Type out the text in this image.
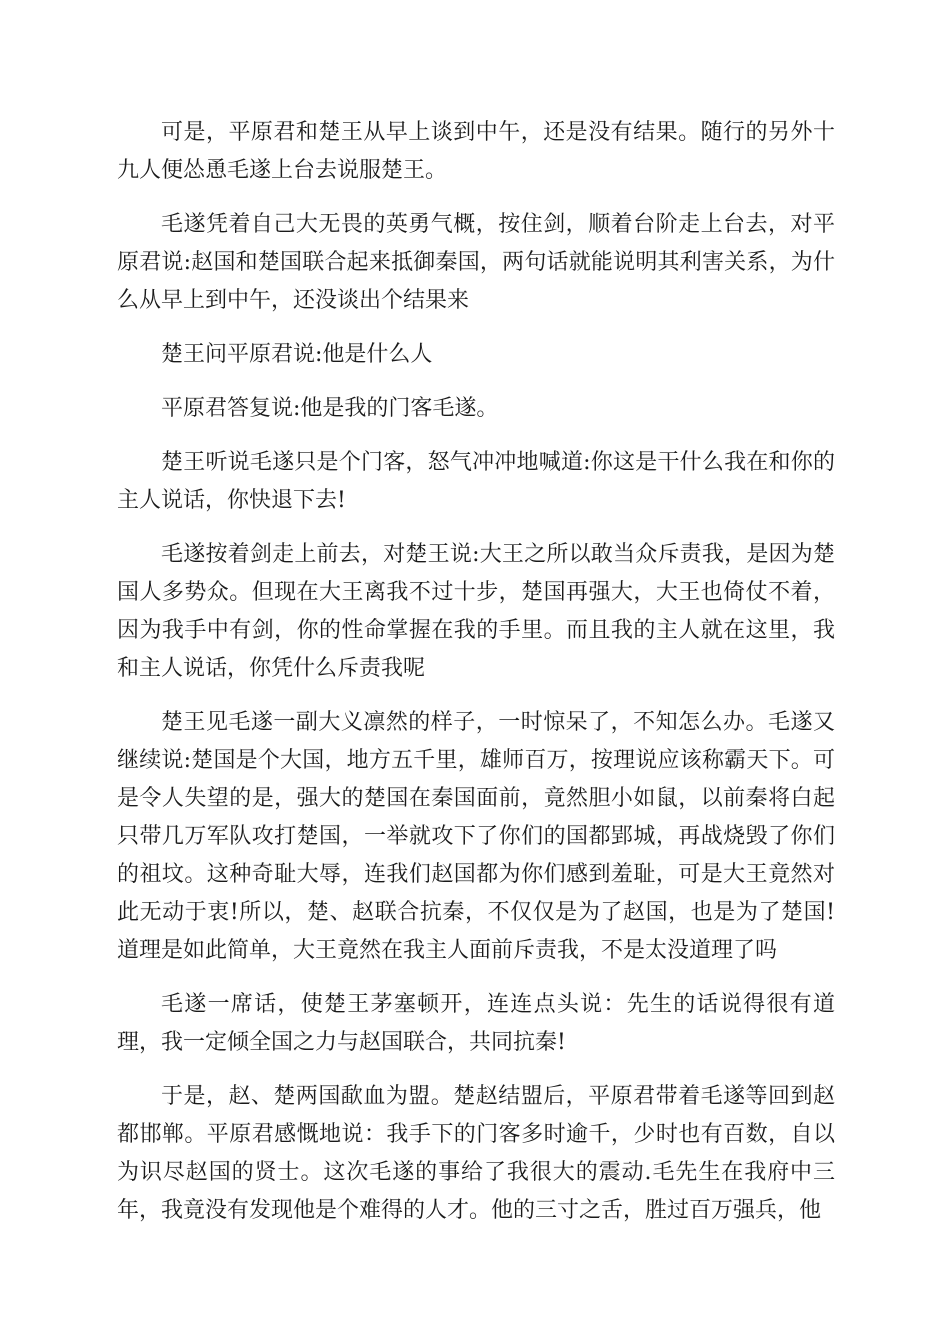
可是，平原君和楚王从早上谈到中午，还是没有结果。随行的另外十九人便怂恿毛遂上台去说服楚王。

毛遂凭着自己大无畏的英勇气概，按住剑，顺着台阶走上台去，对平原君说:赵国和楚国联合起来抵御秦国，两句话就能说明其利害关系，为什么从早上到中午，还没谈出个结果来

楚王问平原君说:他是什么人

平原君答复说:他是我的门客毛遂。

楚王听说毛遂只是个门客，怒气冲冲地喊道:你这是干什么我在和你的主人说话，你快退下去!

毛遂按着剑走上前去，对楚王说:大王之所以敢当众斥责我，是因为楚国人多势众。但现在大王离我不过十步，楚国再强大，大王也倚仗不着，因为我手中有剑，你的性命掌握在我的手里。而且我的主人就在这里，我和主人说话，你凭什么斥责我呢

楚王见毛遂一副大义凛然的样子，一时惊呆了，不知怎么办。毛遂又继续说:楚国是个大国，地方五千里，雄师百万，按理说应该称霸天下。可是令人失望的是，强大的楚国在秦国面前，竟然胆小如鼠，以前秦将白起只带几万军队攻打楚国，一举就攻下了你们的国都郢城，再战烧毁了你们的祖坟。这种奇耻大辱，连我们赵国都为你们感到羞耻，可是大王竟然对此无动于衷!所以，楚、赵联合抗秦，不仅仅是为了赵国，也是为了楚国!道理是如此简单，大王竟然在我主人面前斥责我，不是太没道理了吗

毛遂一席话，使楚王茅塞顿开，连连点头说：先生的话说得很有道理，我一定倾全国之力与赵国联合，共同抗秦!

于是，赵、楚两国歃血为盟。楚赵结盟后，平原君带着毛遂等回到赵都邯郸。平原君感慨地说：我手下的门客多时逾千，少时也有百数，自以为识尽赵国的贤士。这次毛遂的事给了我很大的震动.毛先生在我府中三年，我竟没有发现他是个难得的人才。他的三寸之舌，胜过百万强兵，他
